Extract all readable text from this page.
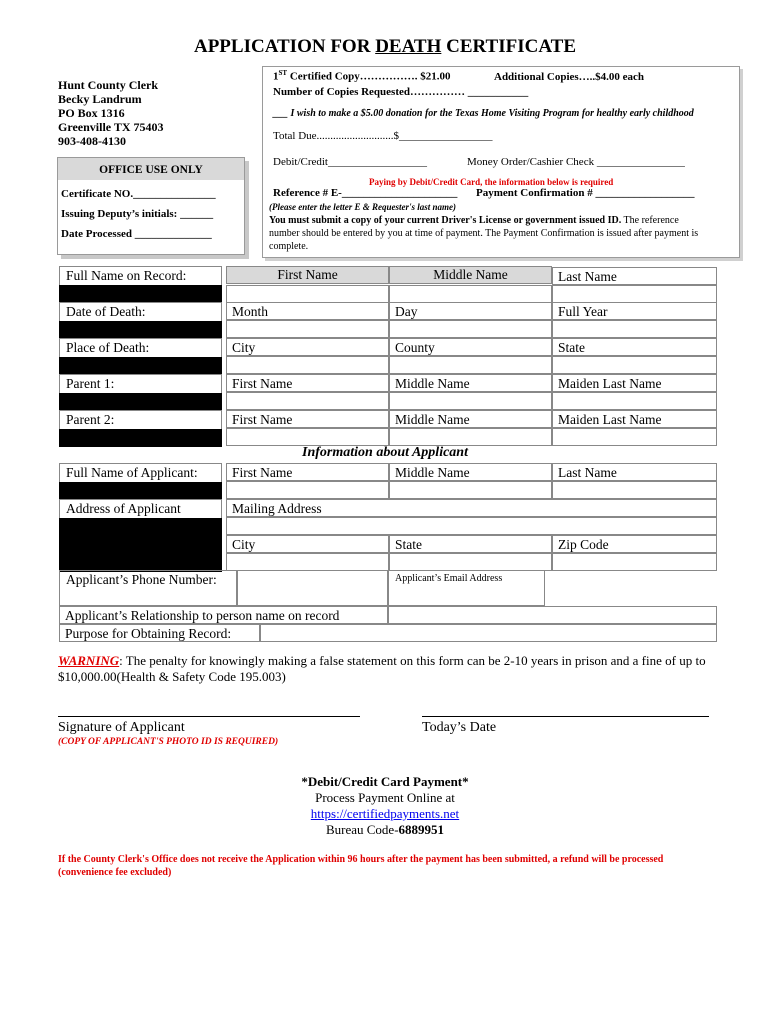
APPLICATION FOR DEATH CERTIFICATE
Hunt County Clerk
Becky Landrum
PO Box 1316
Greenville TX 75403
903-408-4130
OFFICE USE ONLY
Certificate NO._______________
Issuing Deputy’s initials: ______
Date Processed ______________
1ST Certified Copy……………. $21.00	Additional Copies…..$4.00 each
Number of Copies Requested…………… ___________
___ I wish to make a $5.00 donation for the Texas Home Visiting Program for healthy early childhood
Total Due............................$_________________
Debit/Credit__________________	Money Order/Cashier Check ________________
Paying by Debit/Credit Card, the information below is required
Reference # E-_____________________ Payment Confirmation # __________________
(Please enter the letter E & Requester's last name)
You must submit a copy of your current Driver's License or government issued ID. The reference number should be entered by you at time of payment. The Payment Confirmation is issued after payment is complete.
Full Name on Record:	First Name	Middle Name	Last Name
Date of Death:	Month	Day	Full Year
Place of Death:	City	County	State
Parent 1:	First Name	Middle Name	Maiden Last Name
Parent 2:	First Name	Middle Name	Maiden Last Name
Information about Applicant
Full Name of Applicant:	First Name	Middle Name	Last Name
Address of Applicant	Mailing Address
City	State	Zip Code
Applicant’s Phone Number:	Applicant’s Email Address
Applicant’s Relationship to person name on record
Purpose for Obtaining Record:
WARNING: The penalty for knowingly making a false statement on this form can be 2-10 years in prison and a fine of up to $10,000.00(Health & Safety Code 195.003)
Signature of Applicant	Today’s Date
(COPY OF APPLICANT'S PHOTO ID IS REQUIRED)
*Debit/Credit Card Payment*
Process Payment Online at
https://certifiedpayments.net
Bureau Code-6889951
If the County Clerk's Office does not receive the Application within 96 hours after the payment has been submitted, a refund will be processed (convenience fee excluded)
